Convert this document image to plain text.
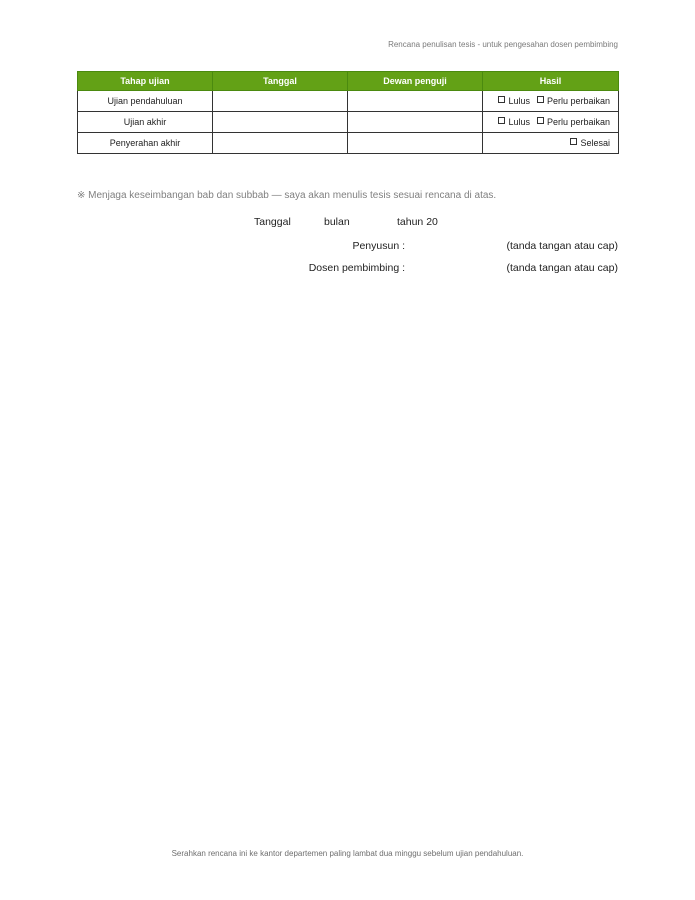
Rencana penulisan tesis - untuk pengesahan dosen pembimbing
Tahap ujian	Tanggal	Dewan penguji	Hasil
Ujian pendahuluan			Lulus Perlu perbaikan
Ujian akhir			Lulus Perlu perbaikan
Penyerahan akhir			Selesai
※ Menjaga keseimbangan bab dan subbab — saya akan menulis tesis sesuai rencana di atas.
Tanggal	bulan	tahun 20
Penyusun :	(tanda tangan atau cap)
Dosen pembimbing :	(tanda tangan atau cap)
Serahkan rencana ini ke kantor departemen paling lambat dua minggu sebelum ujian pendahuluan.
